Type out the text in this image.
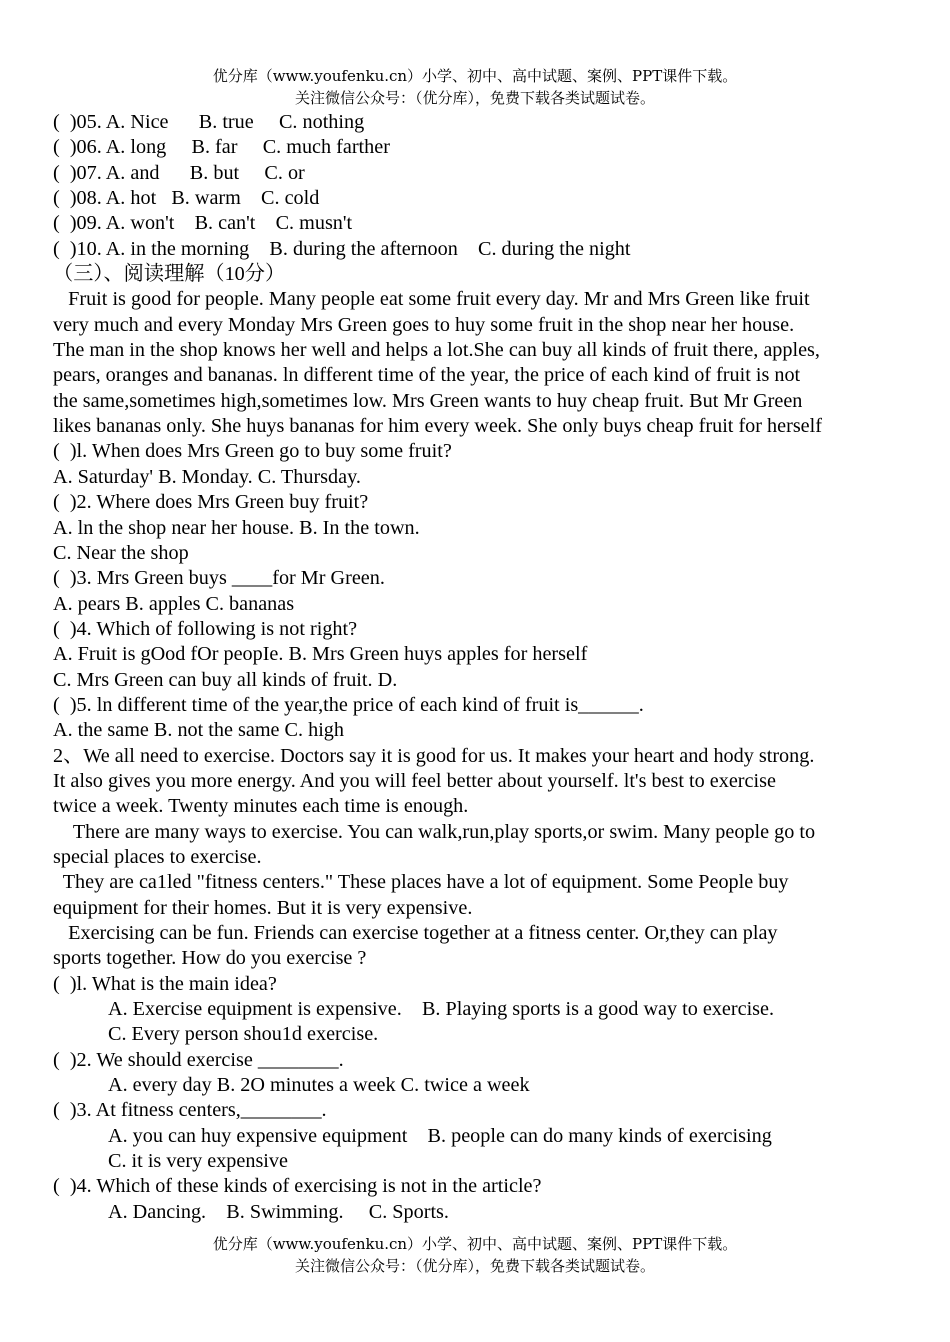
优分库（www.youfenku.cn）小学、初中、高中试题、案例、PPT课件下载。
关注微信公众号：（优分库），免费下载各类试题试卷。
(  )05. A. Nice      B. true     C. nothing
(  )06. A. long     B. far     C. much farther
(  )07. A. and      B. but     C. or
(  )08. A. hot   B. warm    C. cold
(  )09. A. won't    B. can't    C. musn't
(  )10. A. in the morning    B. during the afternoon    C. during the night
（三）、阅读理解（10分）
Fruit is good for people. Many people eat some fruit every day. Mr and Mrs Green like fruit
very much and every Monday Mrs Green goes to huy some fruit in the shop near her house.
The man in the shop knows her well and helps a lot.She can buy all kinds of fruit there, apples,
pears, oranges and bananas. ln different time of the year, the price of each kind of fruit is not
the same,sometimes high,sometimes low. Mrs Green wants to huy cheap fruit. But Mr Green
likes bananas only. She huys bananas for him every week. She only buys cheap fruit for herself
(  )l. When does Mrs Green go to buy some fruit?
A. Saturday' B. Monday. C. Thursday.
(  )2. Where does Mrs Green buy fruit?
A. ln the shop near her house. B. In the town.
C. Near the shop
(  )3. Mrs Green buys ____for Mr Green.
A. pears B. apples C. bananas
(  )4. Which of following is not right?
A. Fruit is gOod fOr peopIe. B. Mrs Green huys apples for herself
C. Mrs Green can buy all kinds of fruit. D.
(  )5. ln different time of the year,the price of each kind of fruit is______.
A. the same B. not the same C. high
2、We all need to exercise. Doctors say it is good for us. It makes your heart and hody strong.
It also gives you more energy. And you will feel better about yourself. lt's best to exercise
twice a week. Twenty minutes each time is enough.
There are many ways to exercise. You can walk,run,play sports,or swim. Many people go to
special places to exercise.
They are ca1led "fitness centers." These places have a lot of equipment. Some People buy
equipment for their homes. But it is very expensive.
Exercising can be fun. Friends can exercise together at a fitness center. Or,they can play
sports together. How do you exercise ?
(  )l. What is the main idea?
A. Exercise equipment is expensive.    B. Playing sports is a good way to exercise.
C. Every person shou1d exercise.
(  )2. We should exercise ________.
A. every day B. 2O minutes a week C. twice a week
(  )3. At fitness centers,________.
A. you can huy expensive equipment    B. people can do many kinds of exercising
C. it is very expensive
(  )4. Which of these kinds of exercising is not in the article?
A. Dancing.    B. Swimming.     C. Sports.
优分库（www.youfenku.cn）小学、初中、高中试题、案例、PPT课件下载。
关注微信公众号：（优分库），免费下载各类试题试卷。
